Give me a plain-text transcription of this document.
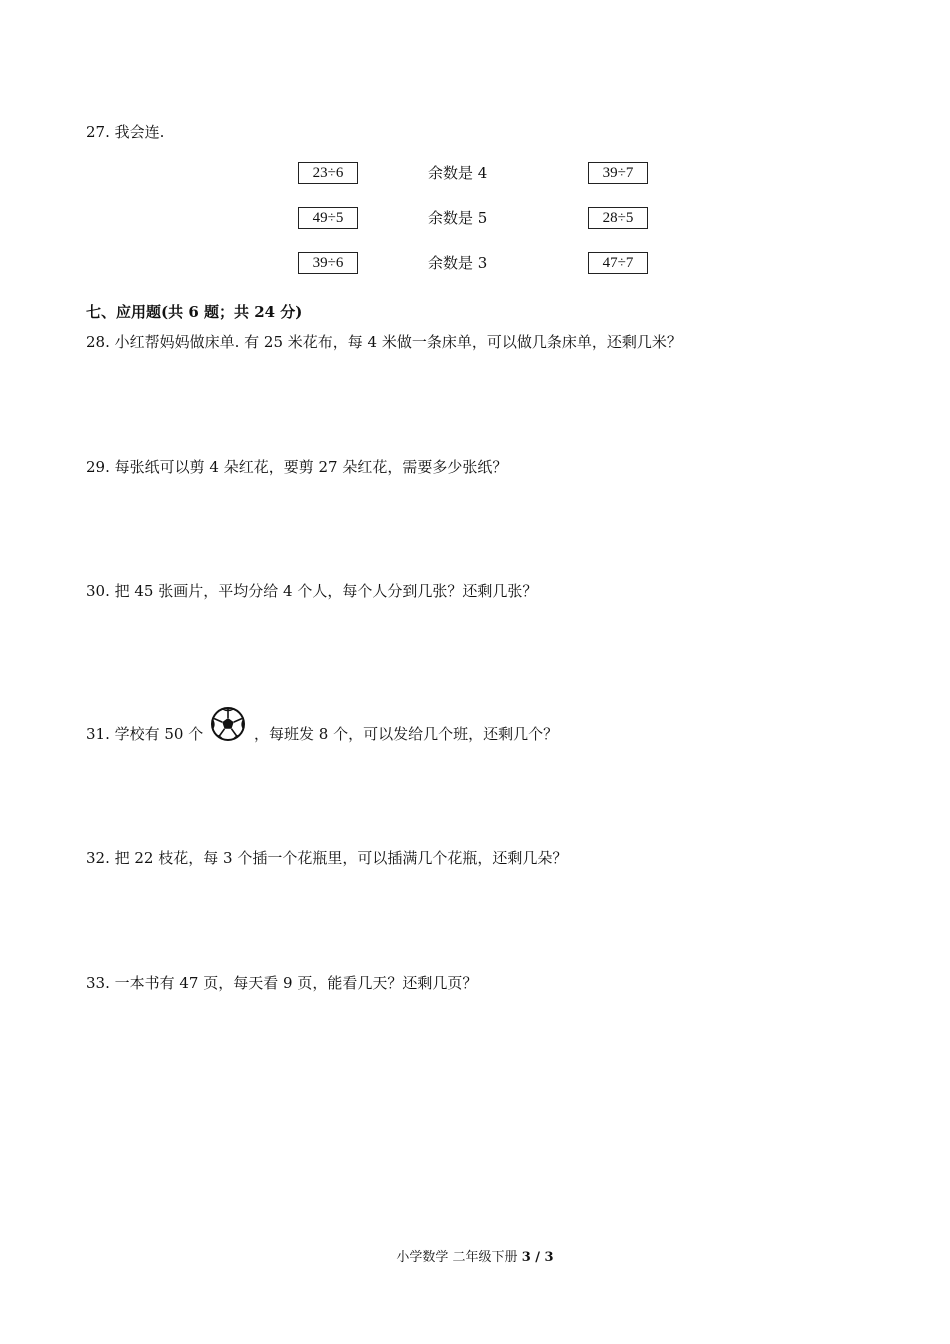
27. 我会连.
23÷6	余数是 4	39÷7
49÷5	余数是 5	28÷5
39÷6	余数是 3	47÷7
七、应用题(共 6 题；共 24 分)
28. 小红帮妈妈做床单. 有 25 米花布，每 4 米做一条床单，可以做几条床单，还剩几米？
29. 每张纸可以剪 4 朵红花，要剪 27 朵红花，需要多少张纸？
30. 把 45 张画片，平均分给 4 个人，每个人分到几张？还剩几张？
31. 学校有 50 个	，每班发 8 个，可以发给几个班，还剩几个？
32. 把 22 枝花，每 3 个插一个花瓶里，可以插满几个花瓶，还剩几朵？
33. 一本书有 47 页，每天看 9 页，能看几天？还剩几页？
小学数学 二年级下册 3 / 3
